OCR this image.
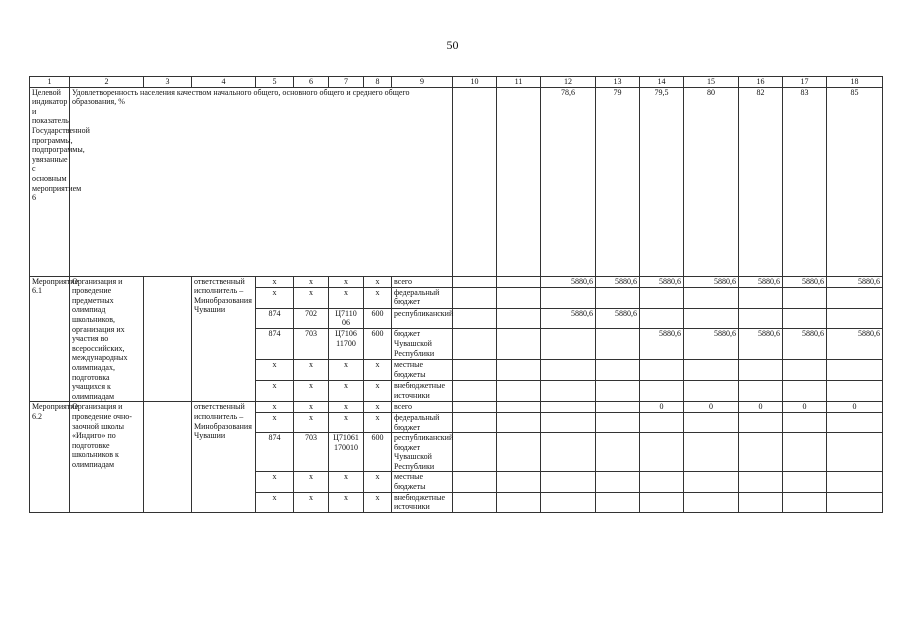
50
1	2	3	4	5	6	7	8	9	10	11	12	13	14	15	16	17	18
Целевой индикатор и показатель Государственной программы, подпрограммы, увязанные с основным мероприятием 6	Удовлетворенность населения качеством начального общего, основного общего и среднего общего образования, %										78,6	79	79,5	80	82	83	85
Мероприятие 6.1	Организация и проведение предметных олимпиад школьников, организация их участия во всероссийских, международных олимпиадах, подготовка учащихся к олимпиадам		ответственный исполнитель – Минобразования Чувашии	x	x	x	x	всего			5880,6	5880,6	5880,6	5880,6	5880,6	5880,6	5880,6
				x	x	x	x	федеральный бюджет									
				874	702	Ц7110 06	600	республиканский			5880,6	5880,6					
				874	703	Ц7106 11700	600	бюджет Чувашской Республики					5880,6	5880,6	5880,6	5880,6	5880,6
				x	x	x	x	местные бюджеты									
				x	x	x	x	внебюджетные источники									
Мероприятие 6.2	Организация и проведение очно-заочной школы «Индиго» по подготовке школьников к олимпиадам		ответственный исполнитель – Минобразования Чувашии	x	x	x	x	всего					0	0	0	0	0
				x	x	x	x	федеральный бюджет									
				874	703	Ц71061 170010	600	республиканский бюджет Чувашской Республики									
				x	x	x	x	местные бюджеты									
				x	x	x	x	внебюджетные источники									
